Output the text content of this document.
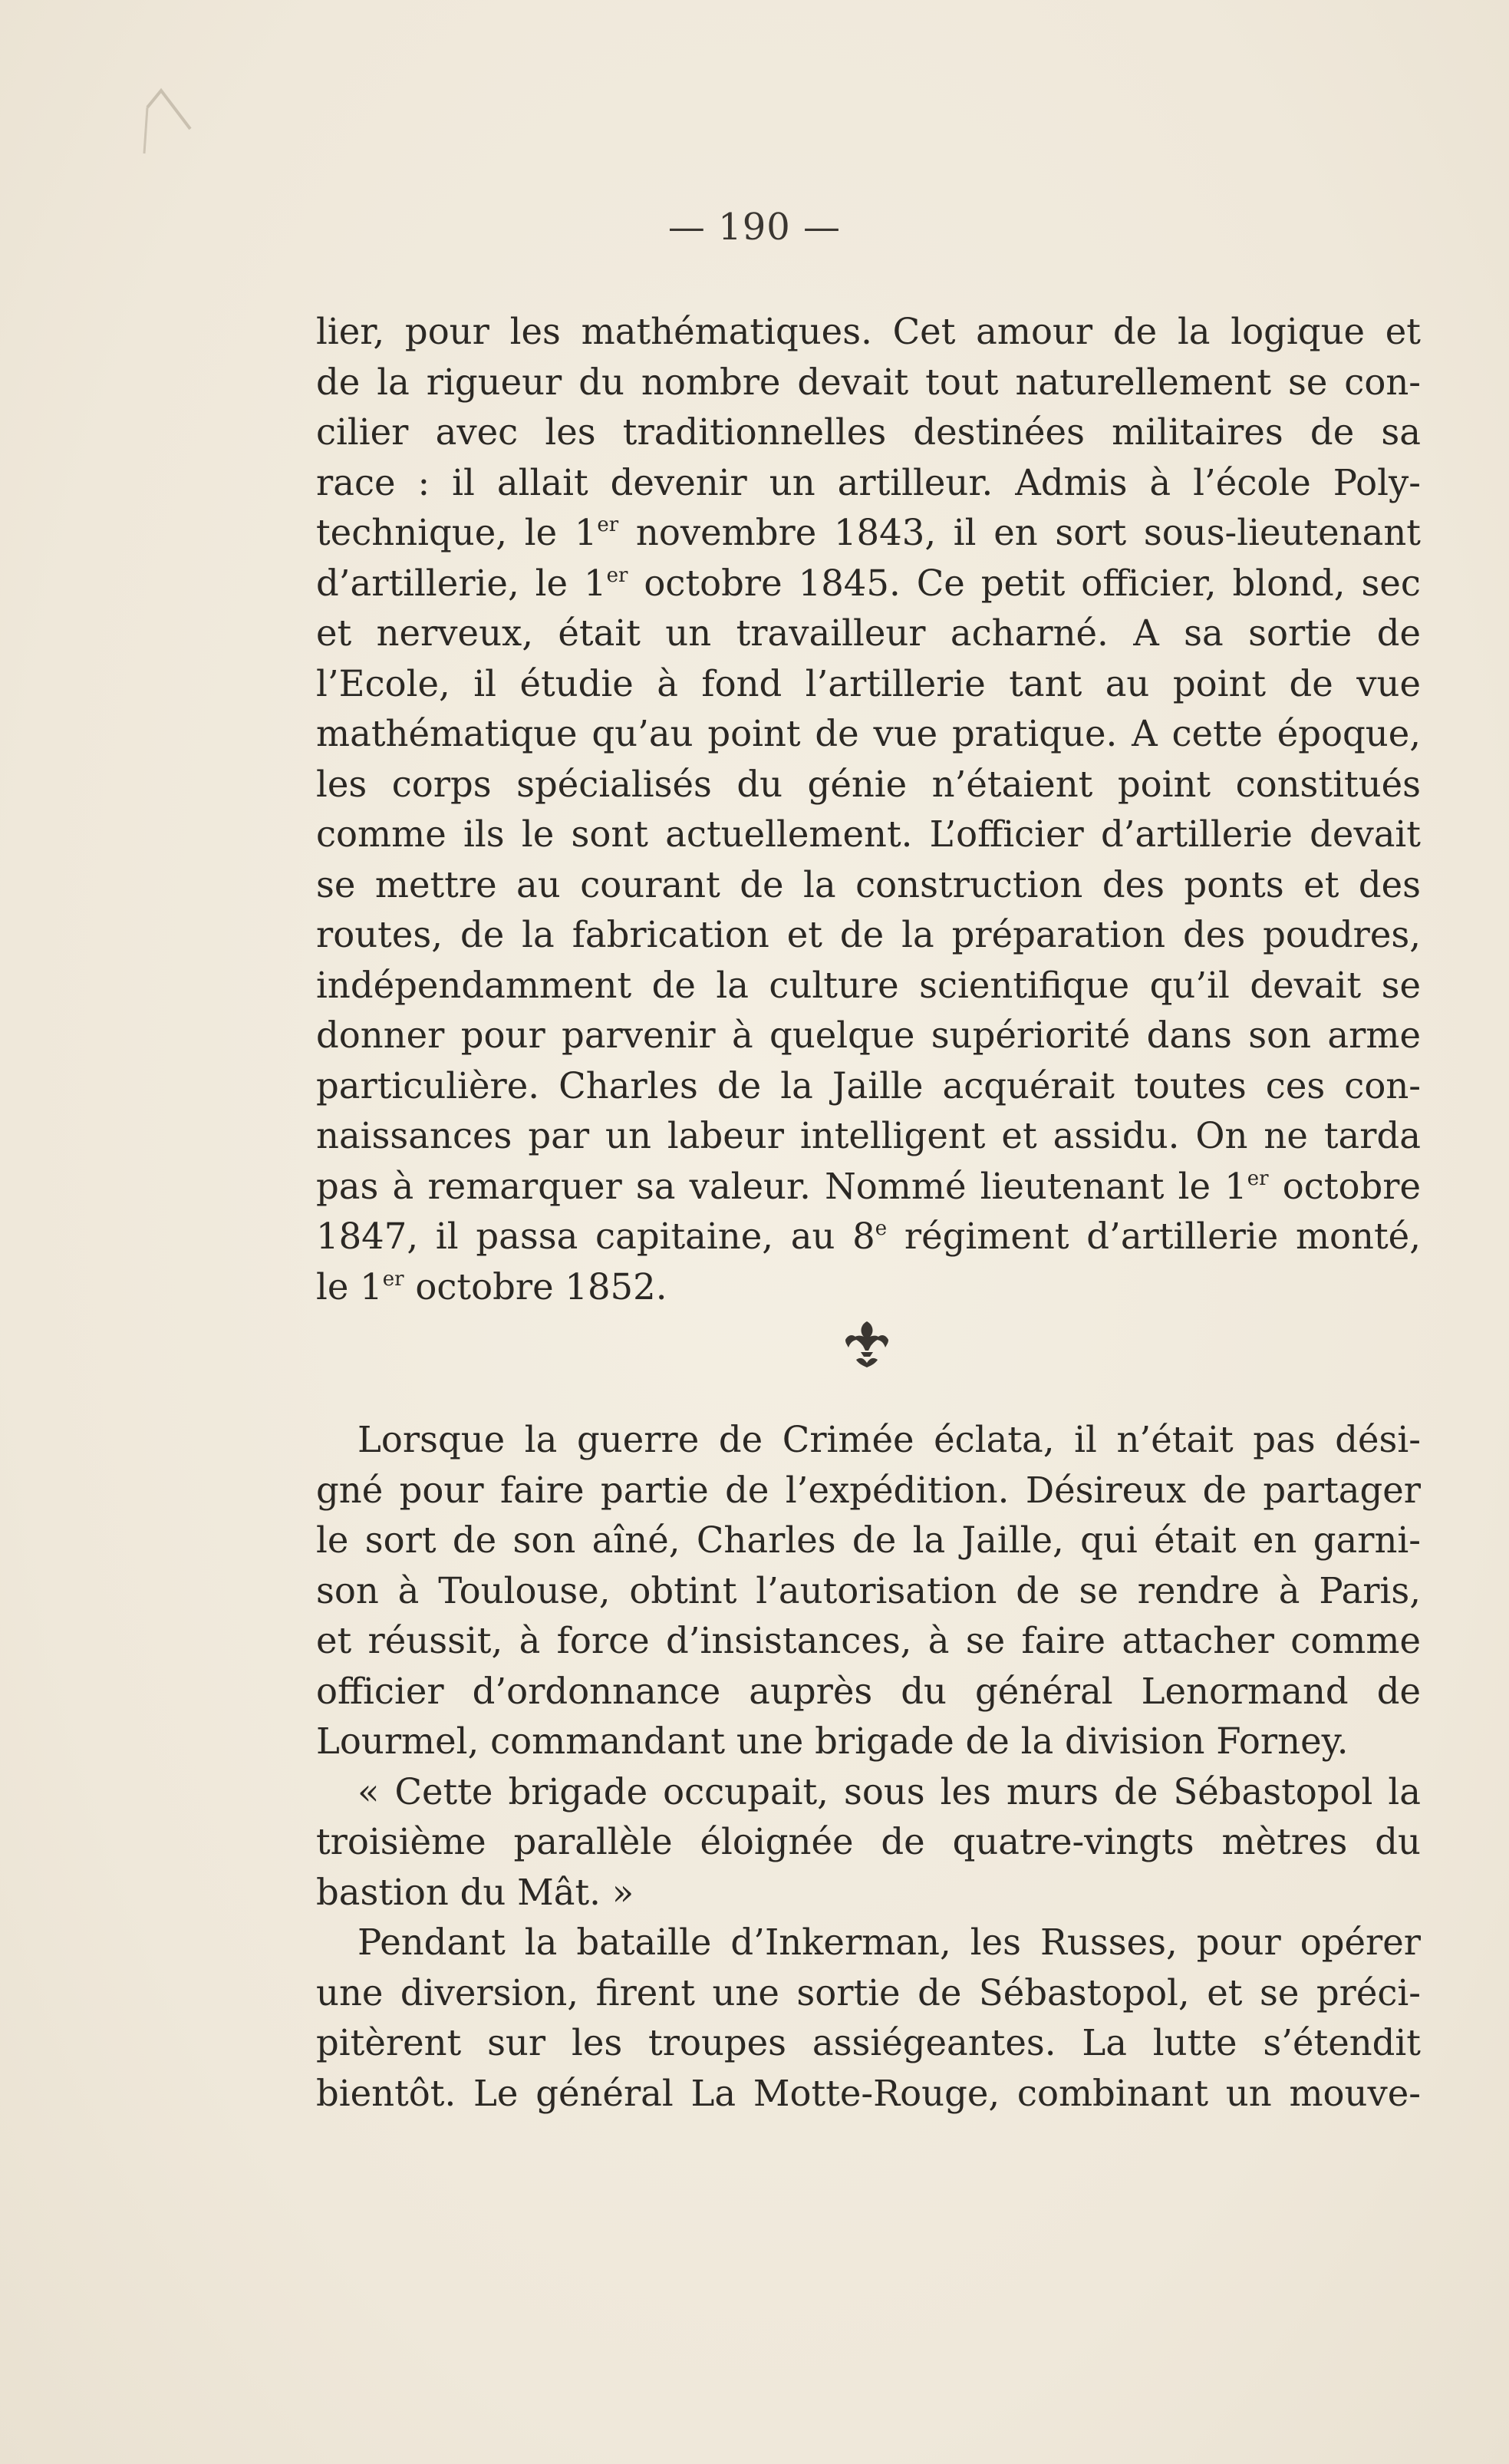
— 190 —
lier, pour les mathématiques. Cet amour de la logique et
de la rigueur du nombre devait tout naturellement se con-
cilier avec les traditionnelles destinées militaires de sa
race : il allait devenir un artilleur. Admis à l’école Poly-
technique, le 1er novembre 1843, il en sort sous-lieutenant
d’artillerie, le 1er octobre 1845. Ce petit officier, blond, sec
et nerveux, était un travailleur acharné. A sa sortie de
l’Ecole, il étudie à fond l’artillerie tant au point de vue
mathématique qu’au point de vue pratique. A cette époque,
les corps spécialisés du génie n’étaient point constitués
comme ils le sont actuellement. L’officier d’artillerie devait
se mettre au courant de la construction des ponts et des
routes, de la fabrication et de la préparation des poudres,
indépendamment de la culture scientifique qu’il devait se
donner pour parvenir à quelque supériorité dans son arme
particulière. Charles de la Jaille acquérait toutes ces con-
naissances par un labeur intelligent et assidu. On ne tarda
pas à remarquer sa valeur. Nommé lieutenant le 1er octobre
1847, il passa capitaine, au 8e régiment d’artillerie monté,
le 1er octobre 1852.
Lorsque la guerre de Crimée éclata, il n’était pas dési-
gné pour faire partie de l’expédition. Désireux de partager
le sort de son aîné, Charles de la Jaille, qui était en garni-
son à Toulouse, obtint l’autorisation de se rendre à Paris,
et réussit, à force d’insistances, à se faire attacher comme
officier d’ordonnance auprès du général Lenormand de
Lourmel, commandant une brigade de la division Forney.
« Cette brigade occupait, sous les murs de Sébastopol la
troisième parallèle éloignée de quatre-vingts mètres du
bastion du Mât. »
Pendant la bataille d’Inkerman, les Russes, pour opérer
une diversion, firent une sortie de Sébastopol, et se préci-
pitèrent sur les troupes assiégeantes. La lutte s’étendit
bientôt. Le général La Motte-Rouge, combinant un mouve-
